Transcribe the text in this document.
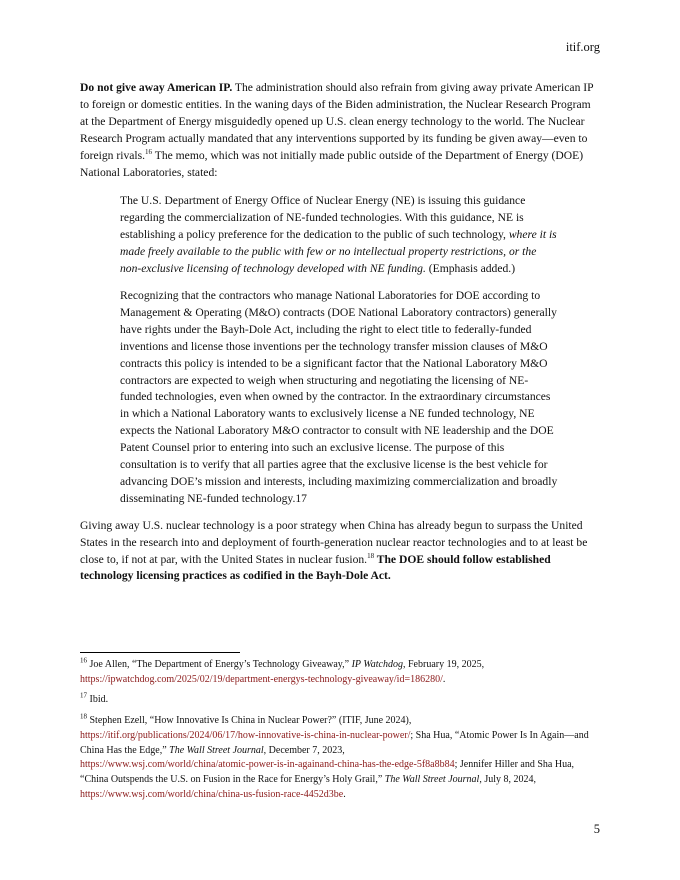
itif.org

Do not give away American IP. The administration should also refrain from giving away private American IP to foreign or domestic entities. In the waning days of the Biden administration, the Nuclear Research Program at the Department of Energy misguidedly opened up U.S. clean energy technology to the world. The Nuclear Research Program actually mandated that any interventions supported by its funding be given away—even to foreign rivals.$^{16}$ The memo, which was not initially made public outside of the Department of Energy (DOE) National Laboratories, stated:

The U.S. Department of Energy Office of Nuclear Energy (NE) is issuing this guidance regarding the commercialization of NE-funded technologies. With this guidance, NE is establishing a policy preference for the dedication to the public of such technology, where it is made freely available to the public with few or no intellectual property restrictions, or the non-exclusive licensing of technology developed with NE funding. (Emphasis added.)

Recognizing that the contractors who manage National Laboratories for DOE according to Management & Operating (M&O) contracts (DOE National Laboratory contractors) generally have rights under the Bayh-Dole Act, including the right to elect title to federally-funded inventions and license those inventions per the technology transfer mission clauses of M&O contracts this policy is intended to be a significant factor that the National Laboratory M&O contractors are expected to weigh when structuring and negotiating the licensing of NE-funded technologies, even when owned by the contractor. In the extraordinary circumstances in which a National Laboratory wants to exclusively license a NE funded technology, NE expects the National Laboratory M&O contractor to consult with NE leadership and the DOE Patent Counsel prior to entering into such an exclusive license. The purpose of this consultation is to verify that all parties agree that the exclusive license is the best vehicle for advancing DOE’s mission and interests, including maximizing commercialization and broadly disseminating NE-funded technology.17

Giving away U.S. nuclear technology is a poor strategy when China has already begun to surpass the United States in the research into and deployment of fourth-generation nuclear reactor technologies and to at least be close to, if not at par, with the United States in nuclear fusion.$^{18}$ The DOE should follow established technology licensing practices as codified in the Bayh-Dole Act.

$^{16}$ Joe Allen, “The Department of Energy’s Technology Giveaway,” IP Watchdog, February 19, 2025,
https://ipwatchdog.com/2025/02/19/department-energys-technology-giveaway/id=186280/.

$^{17}$ Ibid.

$^{18}$ Stephen Ezell, “How Innovative Is China in Nuclear Power?” (ITIF, June 2024),
https://itif.org/publications/2024/06/17/how-innovative-is-china-in-nuclear-power/; Sha Hua, “Atomic Power Is In Again—and China Has the Edge,” The Wall Street Journal, December 7, 2023,
https://www.wsj.com/world/china/atomic-power-is-in-againand-china-has-the-edge-5f8a8b84; Jennifer Hiller and Sha Hua, “China Outspends the U.S. on Fusion in the Race for Energy’s Holy Grail,” The Wall Street Journal, July 8, 2024,
https://www.wsj.com/world/china/china-us-fusion-race-4452d3be.

5
